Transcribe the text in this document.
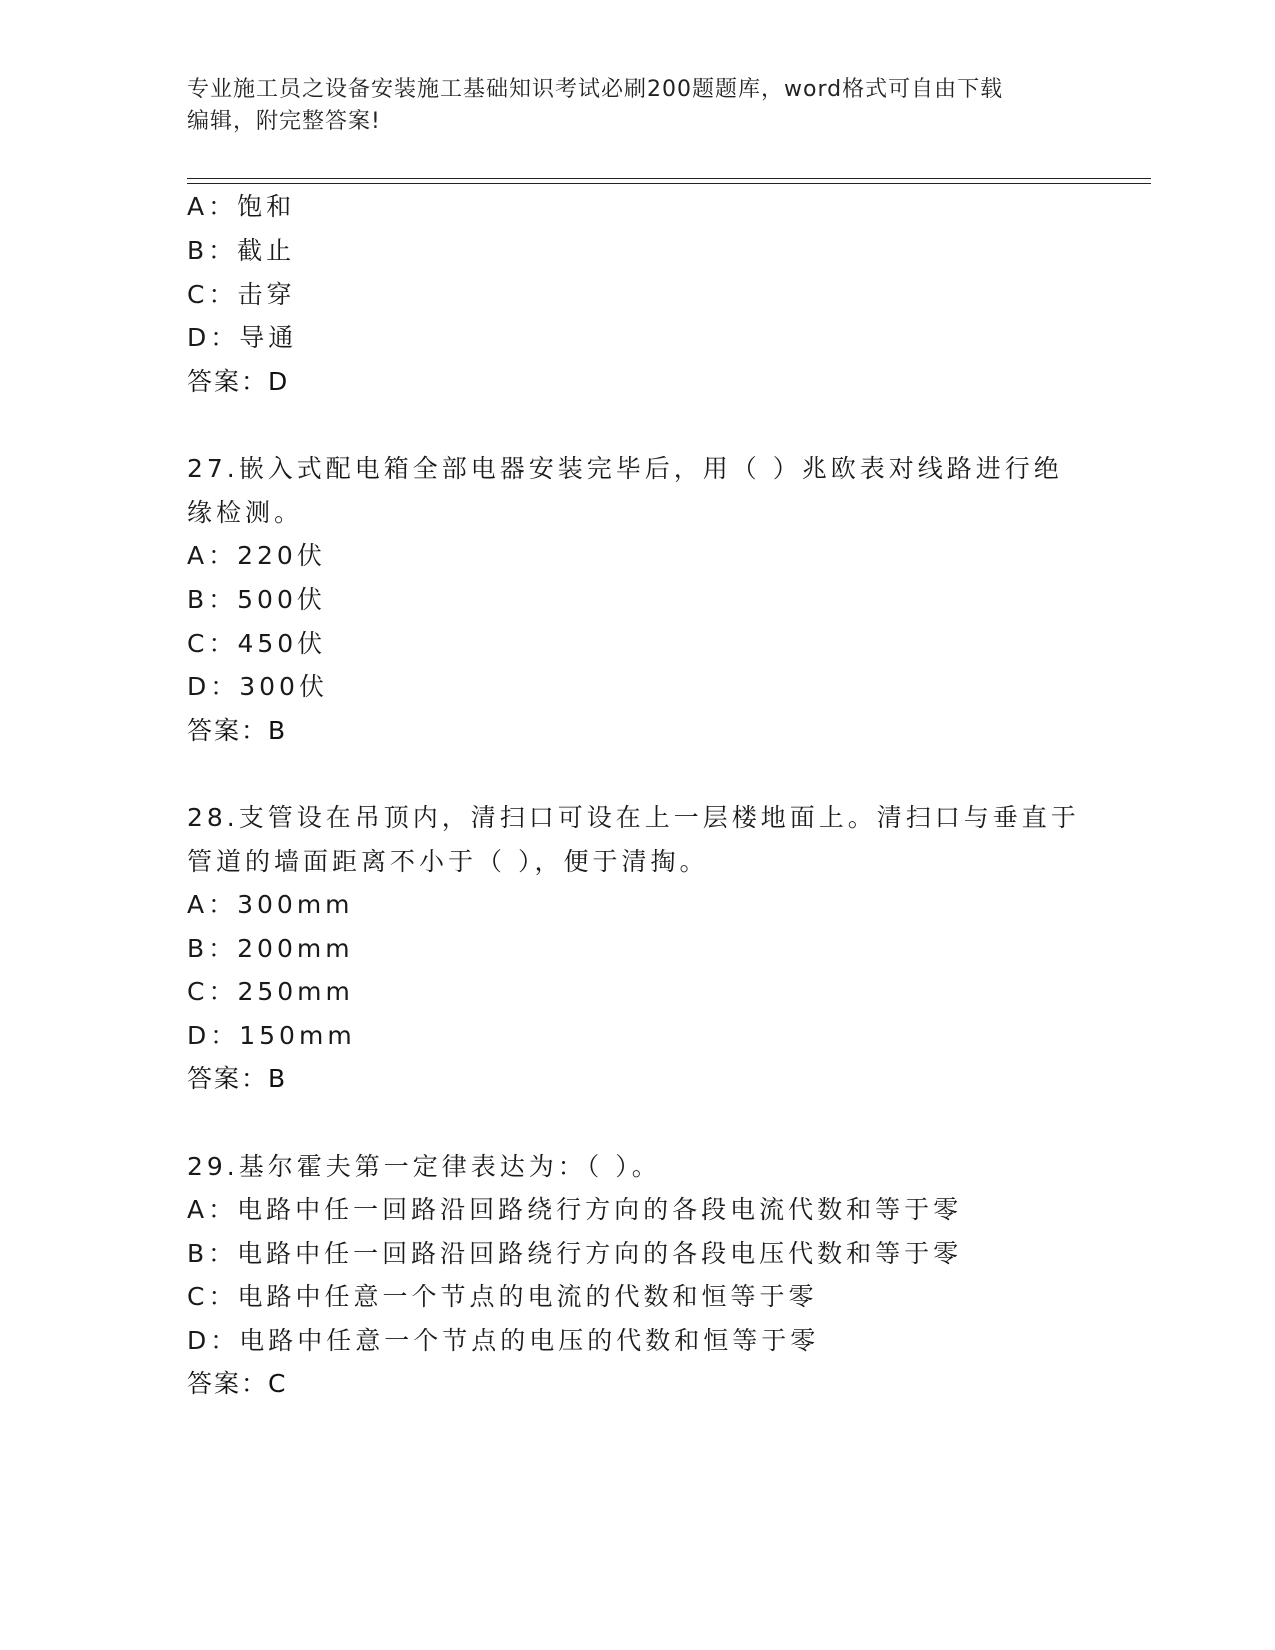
专业施工员之设备安装施工基础知识考试必刷200题题库，word格式可自由下载
编辑，附完整答案!
A：饱和
B：截止
C：击穿
D：导通
答案：D
27.嵌入式配电箱全部电器安装完毕后，用（ ）兆欧表对线路进行绝
缘检测。
A：220伏
B：500伏
C：450伏
D：300伏
答案：B
28.支管设在吊顶内，清扫口可设在上一层楼地面上。清扫口与垂直于
管道的墙面距离不小于（ ），便于清掏。
A：300mm
B：200mm
C：250mm
D：150mm
答案：B
29.基尔霍夫第一定律表达为：（ ）。
A：电路中任一回路沿回路绕行方向的各段电流代数和等于零
B：电路中任一回路沿回路绕行方向的各段电压代数和等于零
C：电路中任意一个节点的电流的代数和恒等于零
D：电路中任意一个节点的电压的代数和恒等于零
答案：C
